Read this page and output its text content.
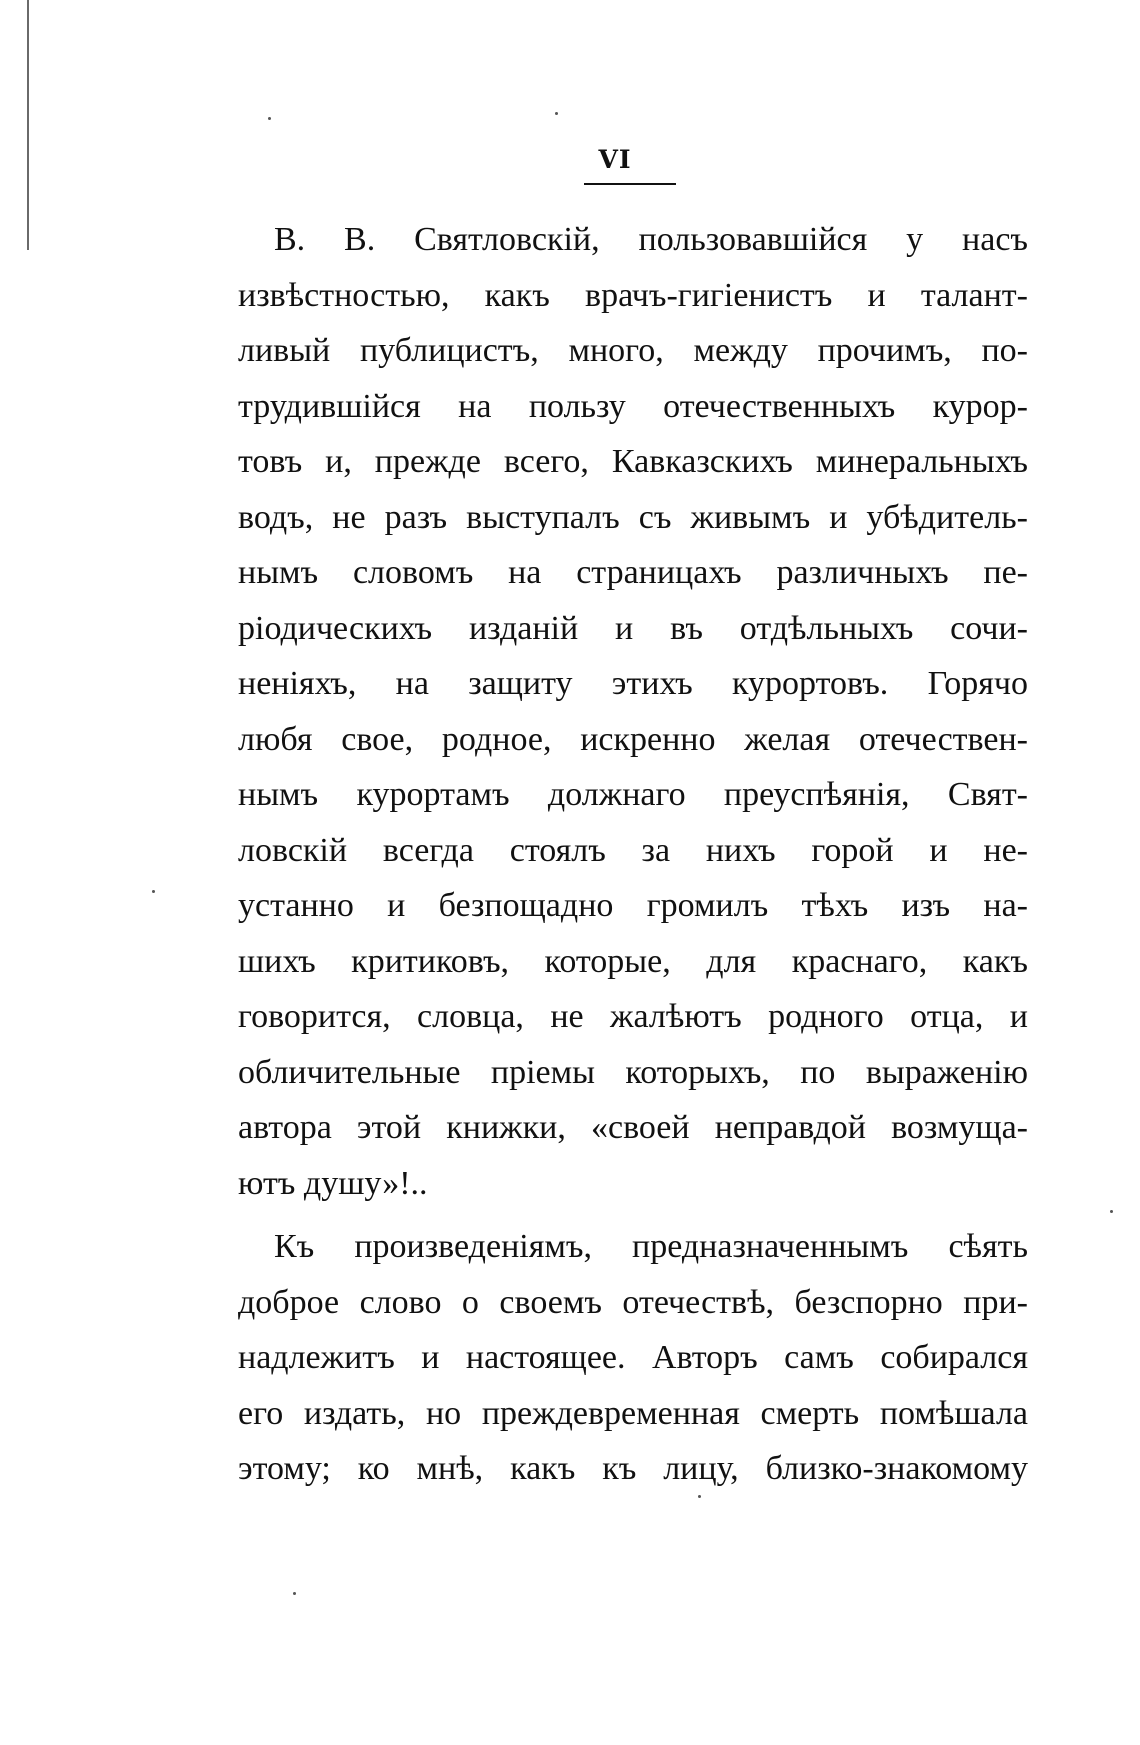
VI
В. В. Святловскій, пользовавшійся у насъ
извѣстностью, какъ врачъ-гигіенистъ и талант-
ливый публицистъ, много, между прочимъ, по-
трудившійся на пользу отечественныхъ курор-
товъ и, прежде всего, Кавказскихъ минеральныхъ
водъ, не разъ выступалъ съ живымъ и убѣдитель-
нымъ словомъ на страницахъ различныхъ пе-
ріодическихъ изданій и въ отдѣльныхъ сочи-
неніяхъ, на защиту этихъ курортовъ. Горячо
любя свое, родное, искренно желая отечествен-
нымъ курортамъ должнаго преуспѣянія, Свят-
ловскій всегда стоялъ за нихъ горой и не-
устанно и безпощадно громилъ тѣхъ изъ на-
шихъ критиковъ, которые, для краснаго, какъ
говорится, словца, не жалѣютъ родного отца, и
обличительные пріемы которыхъ, по выраженію
автора этой книжки, «своей неправдой возмуща-
ютъ душу»!..
Къ произведеніямъ, предназначеннымъ сѣять
доброе слово о своемъ отечествѣ, безспорно при-
надлежитъ и настоящее. Авторъ самъ собирался
его издать, но преждевременная смерть помѣшала
этому; ко мнѣ, какъ къ лицу, близко-знакомому
